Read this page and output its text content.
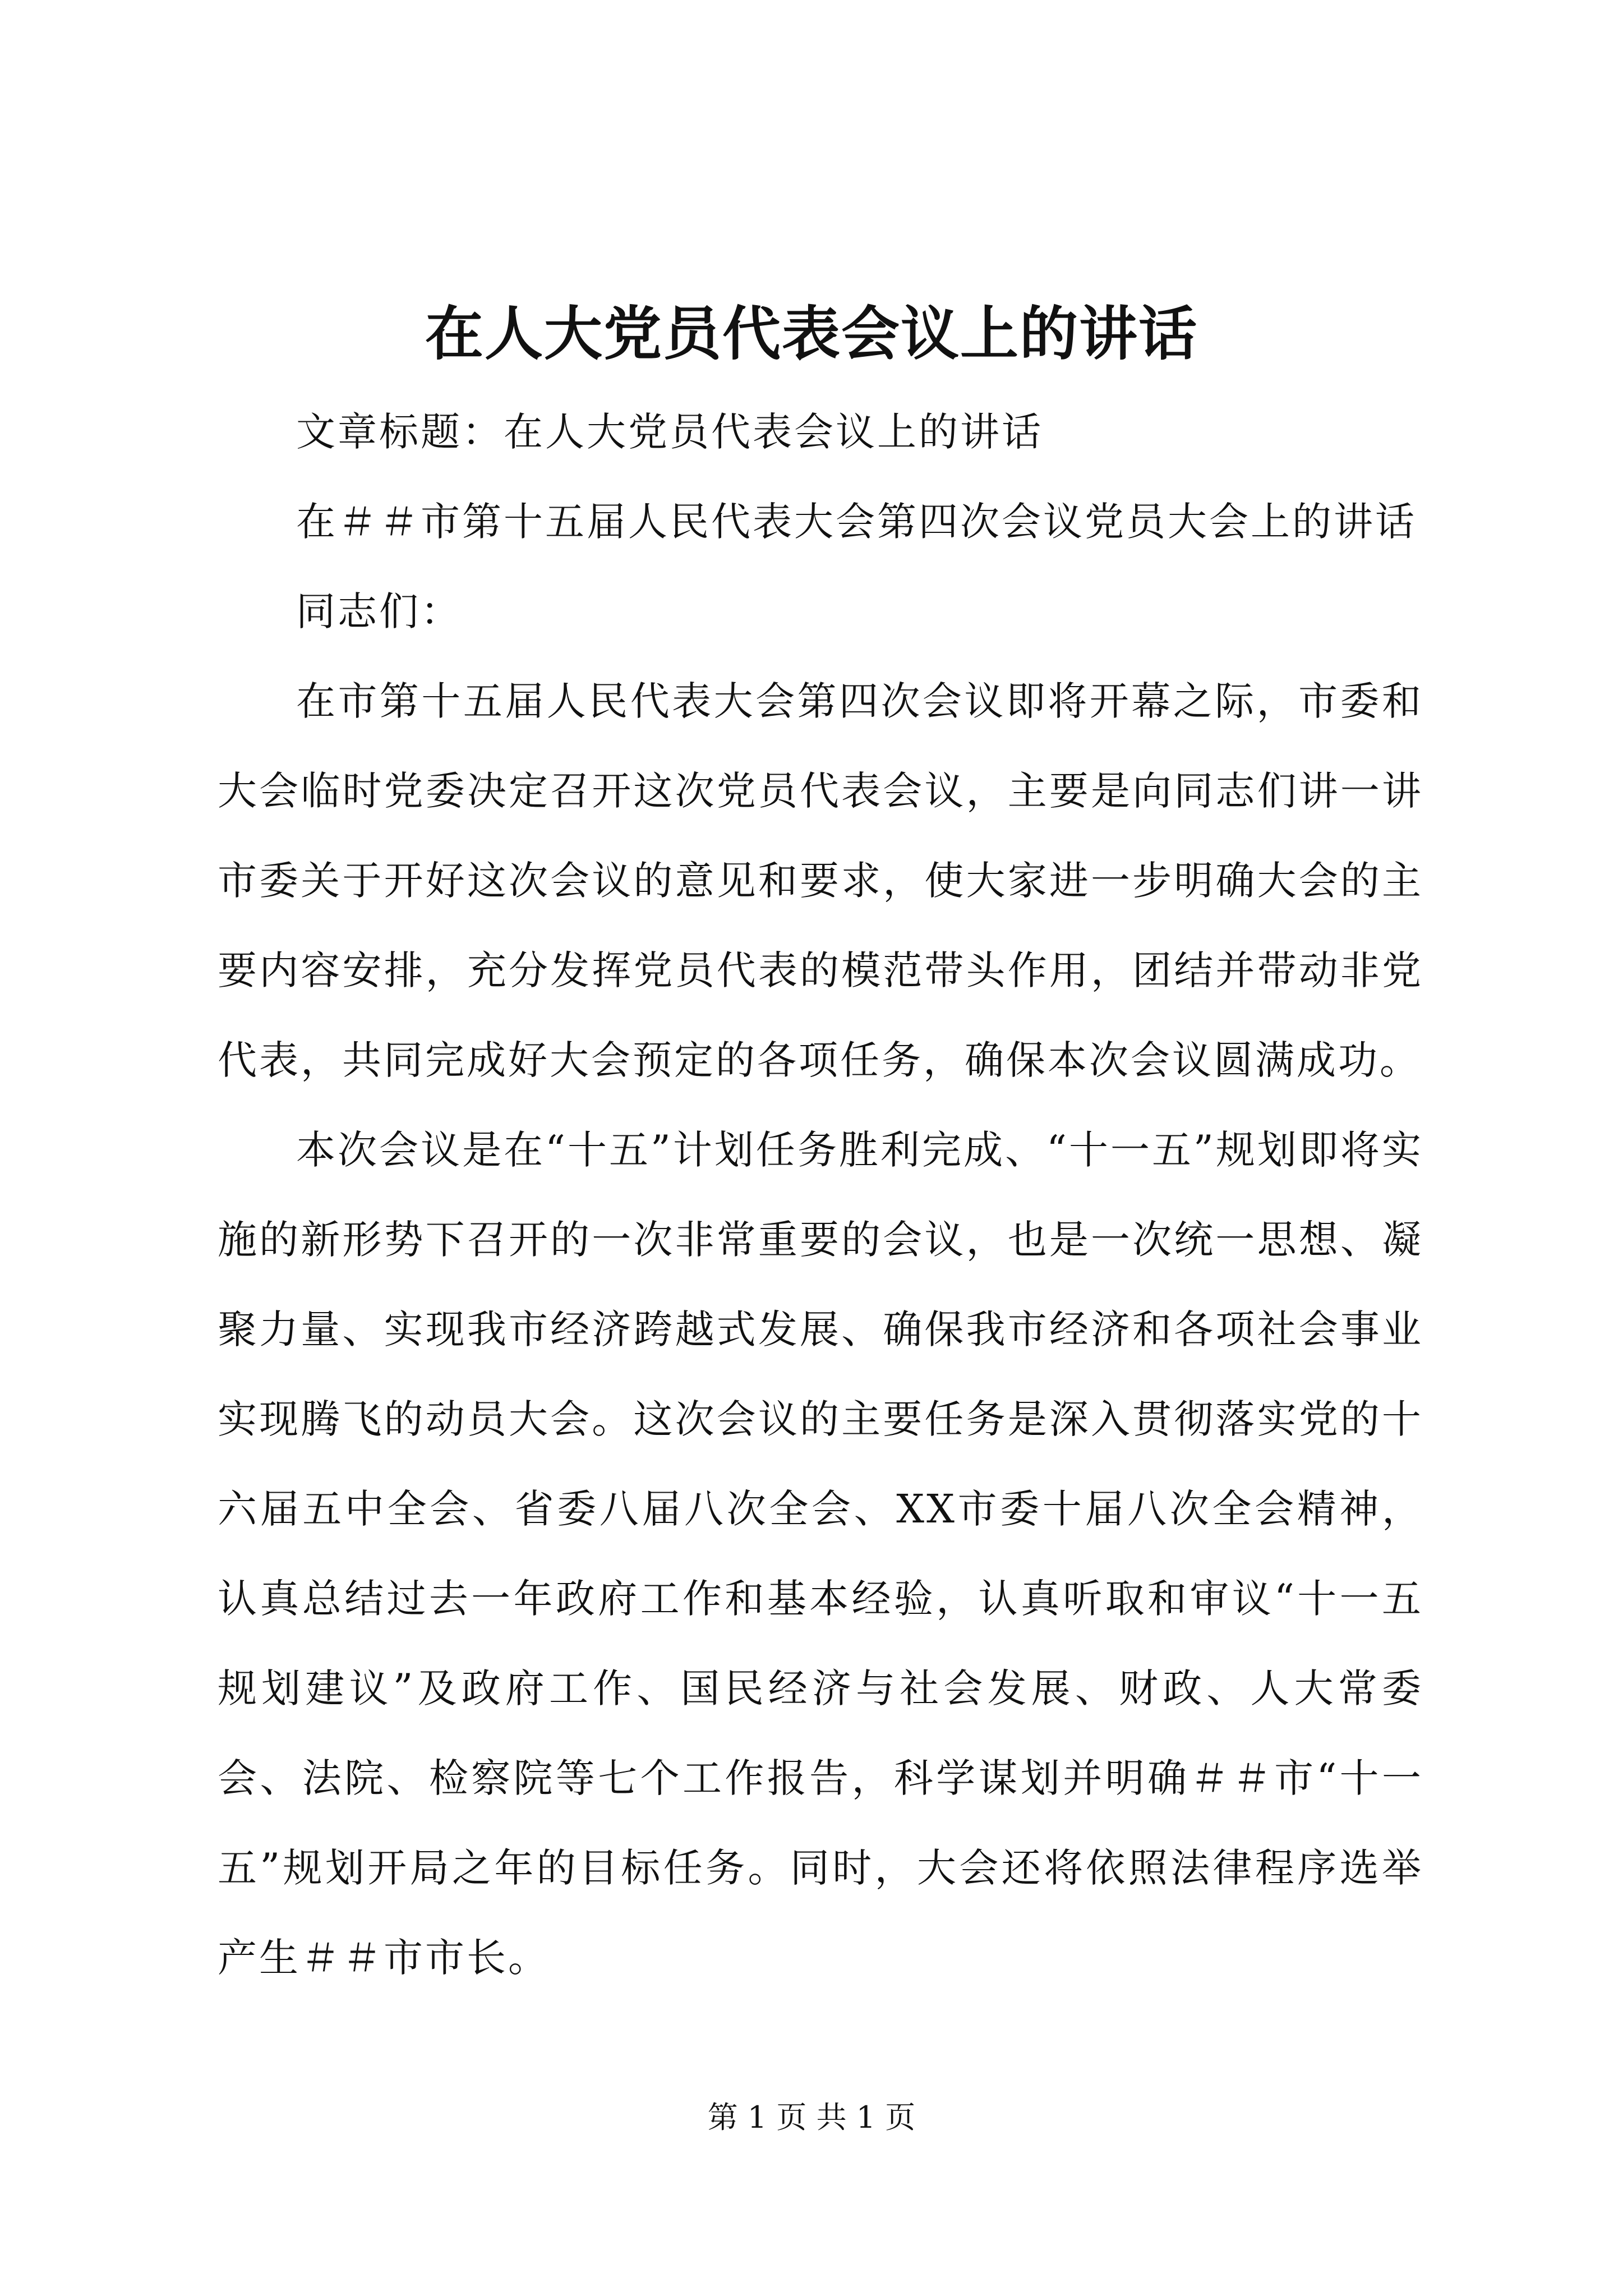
在人大党员代表会议上的讲话

文章标题：在人大党员代表会议上的讲话

在＃＃市第十五届人民代表大会第四次会议党员大会上的讲话

同志们：

在市第十五届人民代表大会第四次会议即将开幕之际，市委和大会临时党委决定召开这次党员代表会议，主要是向同志们讲一讲市委关于开好这次会议的意见和要求，使大家进一步明确大会的主要内容安排，充分发挥党员代表的模范带头作用，团结并带动非党代表，共同完成好大会预定的各项任务，确保本次会议圆满成功。

本次会议是在“十五”计划任务胜利完成、“十一五”规划即将实施的新形势下召开的一次非常重要的会议，也是一次统一思想、凝聚力量、实现我市经济跨越式发展、确保我市经济和各项社会事业实现腾飞的动员大会。这次会议的主要任务是深入贯彻落实党的十六届五中全会、省委八届八次全会、XX市委十届八次全会精神，认真总结过去一年政府工作和基本经验，认真听取和审议“十一五规划建议”及政府工作、国民经济与社会发展、财政、人大常委会、法院、检察院等七个工作报告，科学谋划并明确＃＃市“十一五”规划开局之年的目标任务。同时，大会还将依照法律程序选举产生＃＃市市长。

第 1 页 共 1 页
